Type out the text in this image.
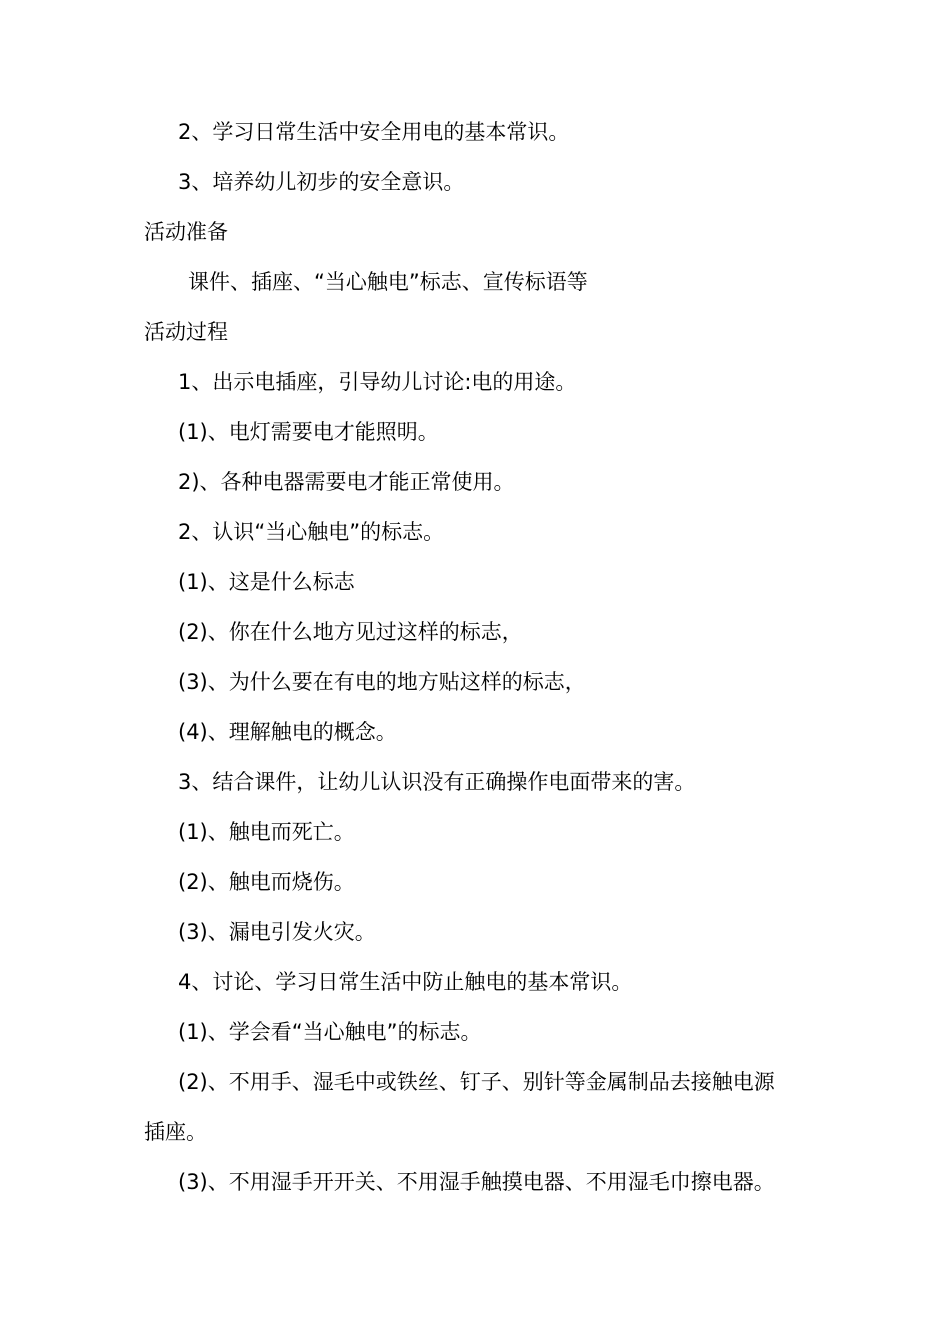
2、学习日常生活中安全用电的基本常识。
3、培养幼儿初步的安全意识。
活动准备
课件、插座、“当心触电”标志、宣传标语等
活动过程
1、出示电插座，引导幼儿讨论:电的用途。
(1)、电灯需要电才能照明。
2)、各种电器需要电才能正常使用。
2、认识“当心触电”的标志。
(1)、这是什么标志
(2)、你在什么地方见过这样的标志，
(3)、为什么要在有电的地方贴这样的标志，
(4)、理解触电的概念。
3、结合课件，让幼儿认识没有正确操作电面带来的害。
(1)、触电而死亡。
(2)、触电而烧伤。
(3)、漏电引发火灾。
4、讨论、学习日常生活中防止触电的基本常识。
(1)、学会看“当心触电”的标志。
(2)、不用手、湿毛中或铁丝、钉子、别针等金属制品去接触电源
插座。
(3)、不用湿手开开关、不用湿手触摸电器、不用湿毛巾擦电器。
